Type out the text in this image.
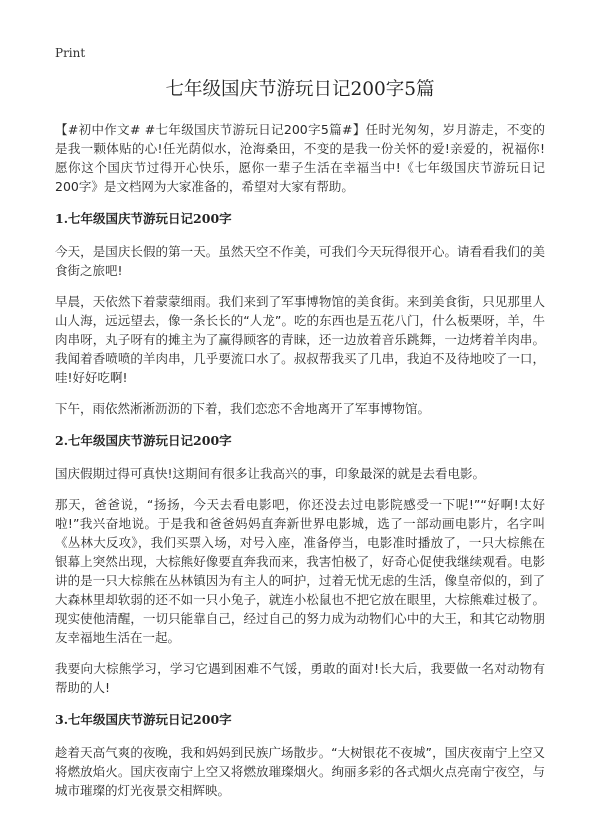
Print
七年级国庆节游玩日记200字5篇

【#初中作文# #七年级国庆节游玩日记200字5篇#】任时光匆匆，岁月游走，不变的是我一颗体贴的心!任光荫似水，沧海桑田，不变的是我一份关怀的爱!亲爱的，祝福你!愿你这个国庆节过得开心快乐，愿你一辈子生活在幸福当中!《七年级国庆节游玩日记200字》是文档网为大家准备的，希望对大家有帮助。

1.七年级国庆节游玩日记200字

今天，是国庆长假的第一天。虽然天空不作美，可我们今天玩得很开心。请看看我们的美食街之旅吧!

早晨，天依然下着蒙蒙细雨。我们来到了军事博物馆的美食街。来到美食街，只见那里人山人海，远远望去，像一条长长的“人龙”。吃的东西也是五花八门，什么板栗呀，羊，牛肉串呀，丸子呀有的摊主为了赢得顾客的青睐，还一边放着音乐跳舞，一边烤着羊肉串。我闻着香喷喷的羊肉串，几乎要流口水了。叔叔帮我买了几串，我迫不及待地咬了一口，哇!好好吃啊!

下午，雨依然淅淅沥沥的下着，我们恋恋不舍地离开了军事博物馆。

2.七年级国庆节游玩日记200字

国庆假期过得可真快!这期间有很多让我高兴的事，印象最深的就是去看电影。

那天，爸爸说，“扬扬，今天去看电影吧，你还没去过电影院感受一下呢!”“好啊!太好啦!”我兴奋地说。于是我和爸爸妈妈直奔新世界电影城，选了一部动画电影片，名字叫《丛林大反攻》，我们买票入场，对号入座，准备停当，电影准时播放了，一只大棕熊在银幕上突然出现，大棕熊好像要直奔我而来，我害怕极了，好奇心促使我继续观看。电影讲的是一只大棕熊在丛林镇因为有主人的呵护，过着无忧无虑的生活，像皇帝似的，到了大森林里却软弱的还不如一只小兔子，就连小松鼠也不把它放在眼里，大棕熊难过极了。现实使他清醒，一切只能靠自己，经过自己的努力成为动物们心中的大王，和其它动物朋友幸福地生活在一起。

我要向大棕熊学习，学习它遇到困难不气馁，勇敢的面对!长大后，我要做一名对动物有帮助的人!

3.七年级国庆节游玩日记200字

趁着天高气爽的夜晚，我和妈妈到民族广场散步。“大树银花不夜城”，国庆夜南宁上空又将燃放焰火。国庆夜南宁上空又将燃放璀璨烟火。绚丽多彩的各式烟火点亮南宁夜空，与城市璀璨的灯光夜景交相辉映。
